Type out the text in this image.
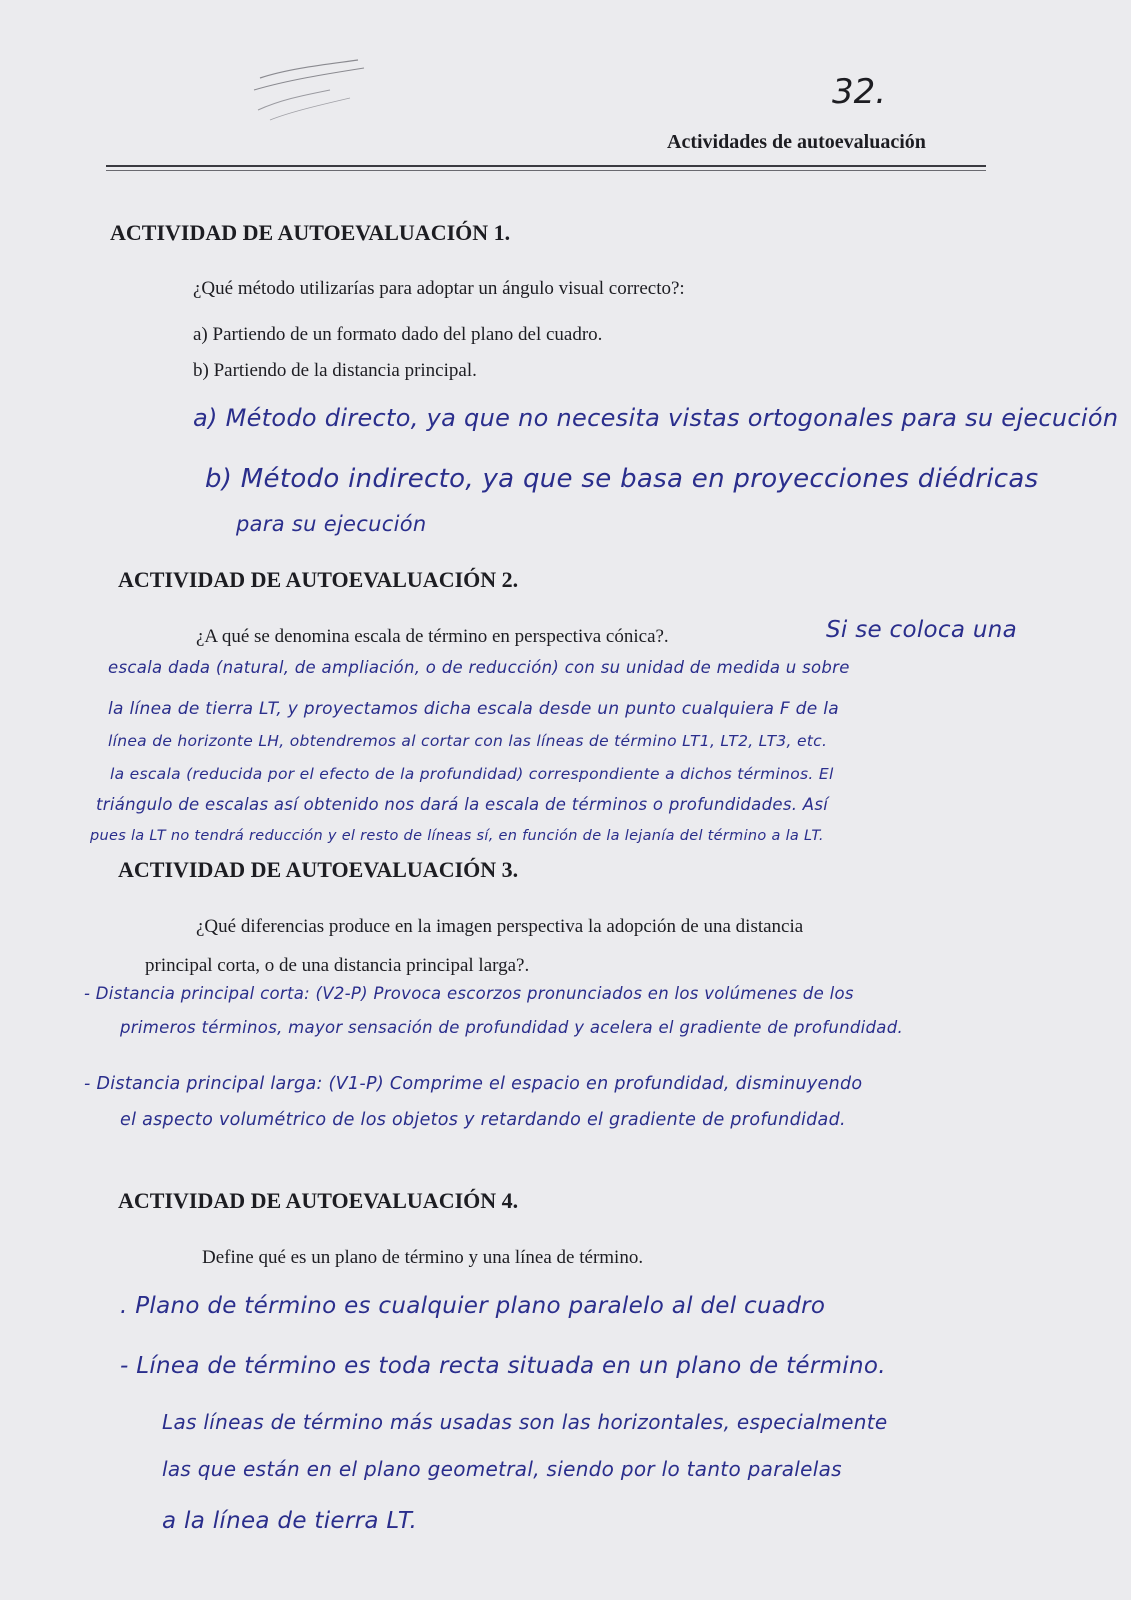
32.
Actividades de autoevaluación
ACTIVIDAD DE AUTOEVALUACIÓN 1.
¿Qué método utilizarías para adoptar un ángulo visual correcto?:
a) Partiendo de un formato dado del plano del cuadro.
b) Partiendo de la distancia principal.
a) Método directo, ya que no necesita vistas ortogonales para su ejecución
b) Método indirecto, ya que se basa en proyecciones diédricas
para su ejecución
ACTIVIDAD DE AUTOEVALUACIÓN 2.
¿A qué se denomina escala de término en perspectiva cónica?.	Si se coloca una
escala dada (natural, de ampliación, o de reducción) con su unidad de medida u sobre
la línea de tierra LT, y proyectamos dicha escala desde un punto cualquiera F de la
línea de horizonte LH, obtendremos al cortar con las líneas de término LT1, LT2, LT3, etc.
la escala (reducida por el efecto de la profundidad) correspondiente a dichos términos. El
triángulo de escalas así obtenido nos dará la escala de términos o profundidades. Así
pues la LT no tendrá reducción y el resto de líneas sí, en función de la lejanía del término a la LT.
ACTIVIDAD DE AUTOEVALUACIÓN 3.
¿Qué diferencias produce en la imagen perspectiva la adopción de una distancia
principal corta, o de una distancia principal larga?.
- Distancia principal corta: (V2-P) Provoca escorzos pronunciados en los volúmenes de los
primeros términos, mayor sensación de profundidad y acelera el gradiente de profundidad.
- Distancia principal larga: (V1-P) Comprime el espacio en profundidad, disminuyendo
el aspecto volumétrico de los objetos y retardando el gradiente de profundidad.
ACTIVIDAD DE AUTOEVALUACIÓN 4.
Define qué es un plano de término y una línea de término.
. Plano de término es cualquier plano paralelo al del cuadro
- Línea de término es toda recta situada en un plano de término.
Las líneas de término más usadas son las horizontales, especialmente
las que están en el plano geometral, siendo por lo tanto paralelas
a la línea de tierra LT.
